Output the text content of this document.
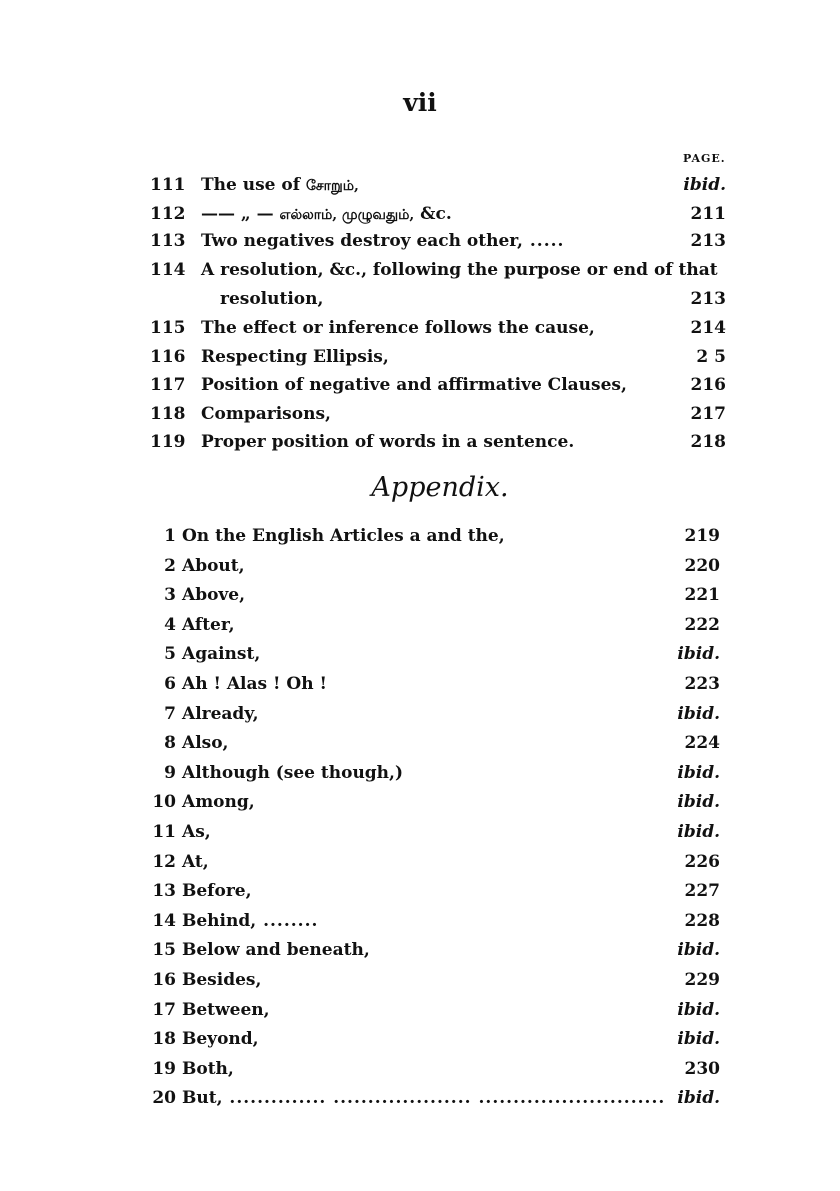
vii
PAGE.
111 The use of சோறும்,	ibid.
112 —— „ — எல்லாம், முழுவதும், &c.	211
113 Two negatives destroy each other, .....	213
114 A resolution, &c., following the purpose or end of that
resolution,	213
115 The effect or inference follows the cause,	214
116 Respecting Ellipsis,	2 5
117 Position of negative and affirmative Clauses,	216
118 Comparisons,	217
119 Proper position of words in a sentence.	218
Appendix.
1 On the English Articles a and the,	219
2 About,	220
3 Above,	221
4 After,	222
5 Against,	ibid.
6 Ah ! Alas ! Oh !	223
7 Already,	ibid.
8 Also,	224
9 Although (see though,)	ibid.
10 Among,	ibid.
11 As,	ibid.
12 At,	226
13 Before,	227
14 Behind, ........	228
15 Below and beneath,	ibid.
16 Besides,	229
17 Between,	ibid.
18 Beyond,	ibid.
19 Both,	230
20 But, .............. .................... ........................... ibid.
